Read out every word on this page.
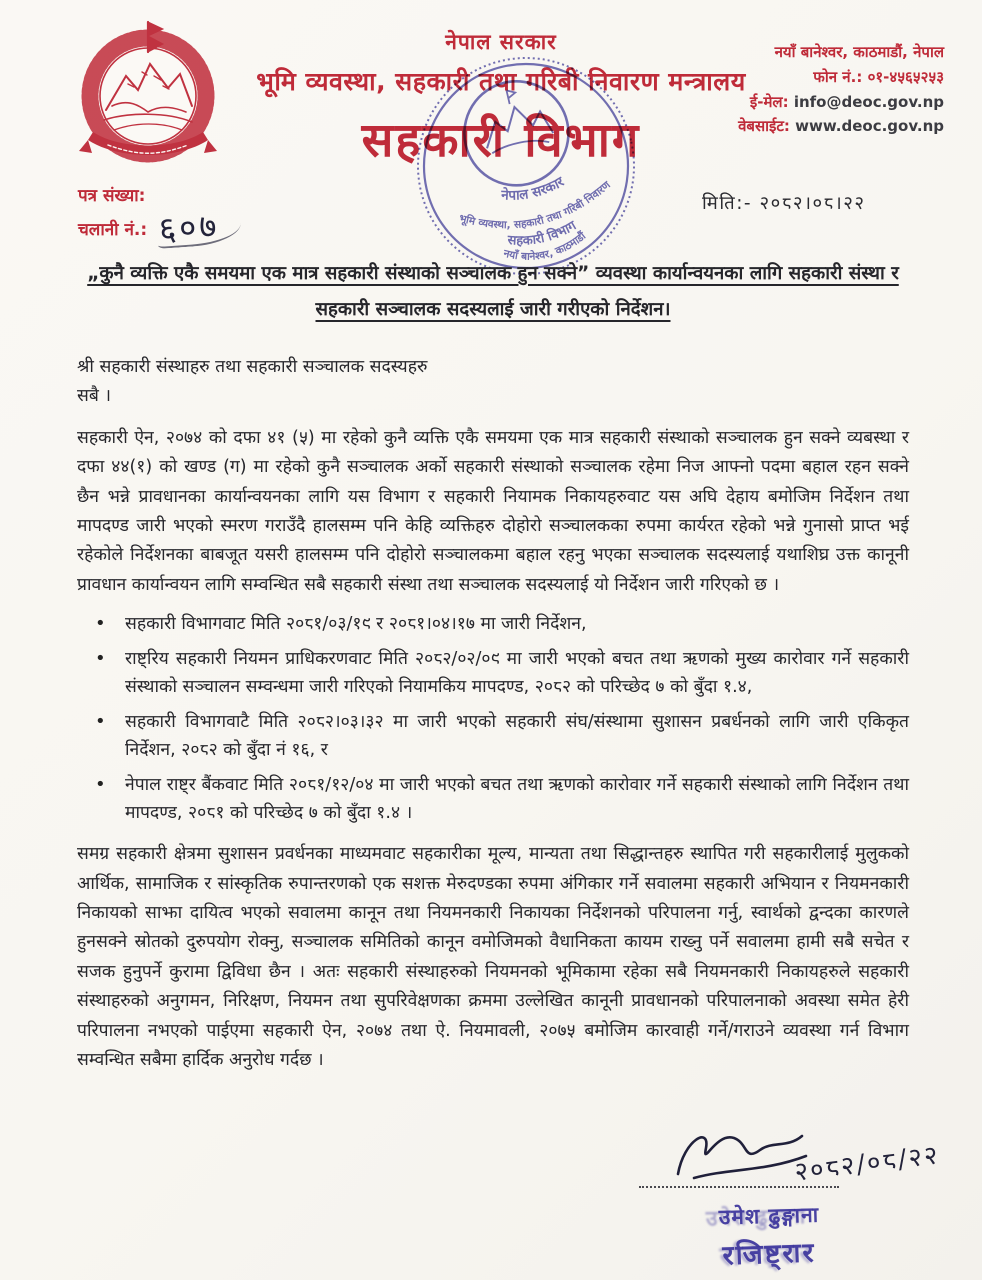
नेपाल सरकार
भूमि व्यवस्था, सहकारी तथा गरिबी निवारण मन्त्रालय
सहकारी विभाग
नयाँ बानेश्वर, काठमाडौं, नेपाल
फोन नं.: ०१-४५६५२५३
ई-मेल: info@deoc.gov.np
वेबसाईट: www.deoc.gov.np
नेपाल सरकार
भूमि व्यवस्था, सहकारी तथा गरिबी निवारण
सहकारी विभाग
नयाँ बानेश्वर, काठमाडौं
पत्र संख्या:
चलानी नं.: ६०७
मिति:- २०८२।०८।२२
„कुनै व्यक्ति एकै समयमा एक मात्र सहकारी संस्थाको सञ्चालक हुन सक्ने” व्यवस्था कार्यान्वयनका लागि सहकारी संस्था र सहकारी सञ्चालक सदस्यलाई जारी गरीएको निर्देशन।
श्री सहकारी संस्थाहरु तथा सहकारी सञ्चालक सदस्यहरु
सबै ।

सहकारी ऐन, २०७४ को दफा ४१ (५) मा रहेको कुनै व्यक्ति एकै समयमा एक मात्र सहकारी संस्थाको सञ्चालक हुन सक्ने व्यबस्था र दफा ४४(१) को खण्ड (ग) मा रहेको कुनै सञ्चालक अर्को सहकारी संस्थाको सञ्चालक रहेमा निज आफ्नो पदमा बहाल रहन सक्ने छैन भन्ने प्रावधानका कार्यान्वयनका लागि यस विभाग र सहकारी नियामक निकायहरुवाट यस अघि देहाय बमोजिम निर्देशन तथा मापदण्ड जारी भएको स्मरण गराउँदै हालसम्म पनि केहि व्यक्तिहरु दोहोरो सञ्चालकका रुपमा कार्यरत रहेको भन्ने गुनासो प्राप्त भई रहेकोले निर्देशनका बाबजूत यसरी हालसम्म पनि दोहोरो सञ्चालकमा बहाल रहनु भएका सञ्चालक सदस्यलाई यथाशिघ्र उक्त कानूनी प्रावधान कार्यान्वयन लागि सम्वन्धित सबै सहकारी संस्था तथा सञ्चालक सदस्यलाई यो निर्देशन जारी गरिएको छ ।

• सहकारी विभागवाट मिति २०८१/०३/१९ र २०८१।०४।१७ मा जारी निर्देशन,
• राष्ट्रिय सहकारी नियमन प्राधिकरणवाट मिति २०८२/०२/०९ मा जारी भएको बचत तथा ऋणको मुख्य कारोवार गर्ने सहकारी संस्थाको सञ्चालन सम्वन्धमा जारी गरिएको नियामकिय मापदण्ड, २०८२ को परिच्छेद ७ को बुँदा १.४,
• सहकारी विभागवाटै मिति २०८२।०३।३२ मा जारी भएको सहकारी संघ/संस्थामा सुशासन प्रबर्धनको लागि जारी एकिकृत निर्देशन, २०८२ को बुँदा नं १६, र
• नेपाल राष्ट्र बैंकवाट मिति २०८१/१२/०४ मा जारी भएको बचत तथा ऋणको कारोवार गर्ने सहकारी संस्थाको लागि निर्देशन तथा मापदण्ड, २०८१ को परिच्छेद ७ को बुँदा १.४ ।

समग्र सहकारी क्षेत्रमा सुशासन प्रवर्धनका माध्यमवाट सहकारीका मूल्य, मान्यता तथा सिद्धान्तहरु स्थापित गरी सहकारीलाई मुलुकको आर्थिक, सामाजिक र सांस्कृतिक रुपान्तरणको एक सशक्त मेरुदण्डका रुपमा अंगिकार गर्ने सवालमा सहकारी अभियान र नियमनकारी निकायको साझा दायित्व भएको सवालमा कानून तथा नियमनकारी निकायका निर्देशनको परिपालना गर्नु, स्वार्थको द्वन्दका कारणले हुनसक्ने स्रोतको दुरुपयोग रोक्नु, सञ्चालक समितिको कानून वमोजिमको वैधानिकता कायम राख्नु पर्ने सवालमा हामी सबै सचेत र सजक हुनुपर्ने कुरामा द्विविधा छैन । अतः सहकारी संस्थाहरुको नियमनको भूमिकामा रहेका सबै नियमनकारी निकायहरुले सहकारी संस्थाहरुको अनुगमन, निरिक्षण, नियमन तथा सुपरिवेक्षणका क्रममा उल्लेखित कानूनी प्रावधानको परिपालनाको अवस्था समेत हेरी परिपालना नभएको पाईएमा सहकारी ऐन, २०७४ तथा ऐ. नियमावली, २०७५ बमोजिम कारवाही गर्ने/गराउने व्यवस्था गर्न विभाग सम्वन्धित सबैमा हार्दिक अनुरोध गर्दछ ।

२०८२/०८/२२
उमेश ढुङ्गाना
रजिष्ट्रार
